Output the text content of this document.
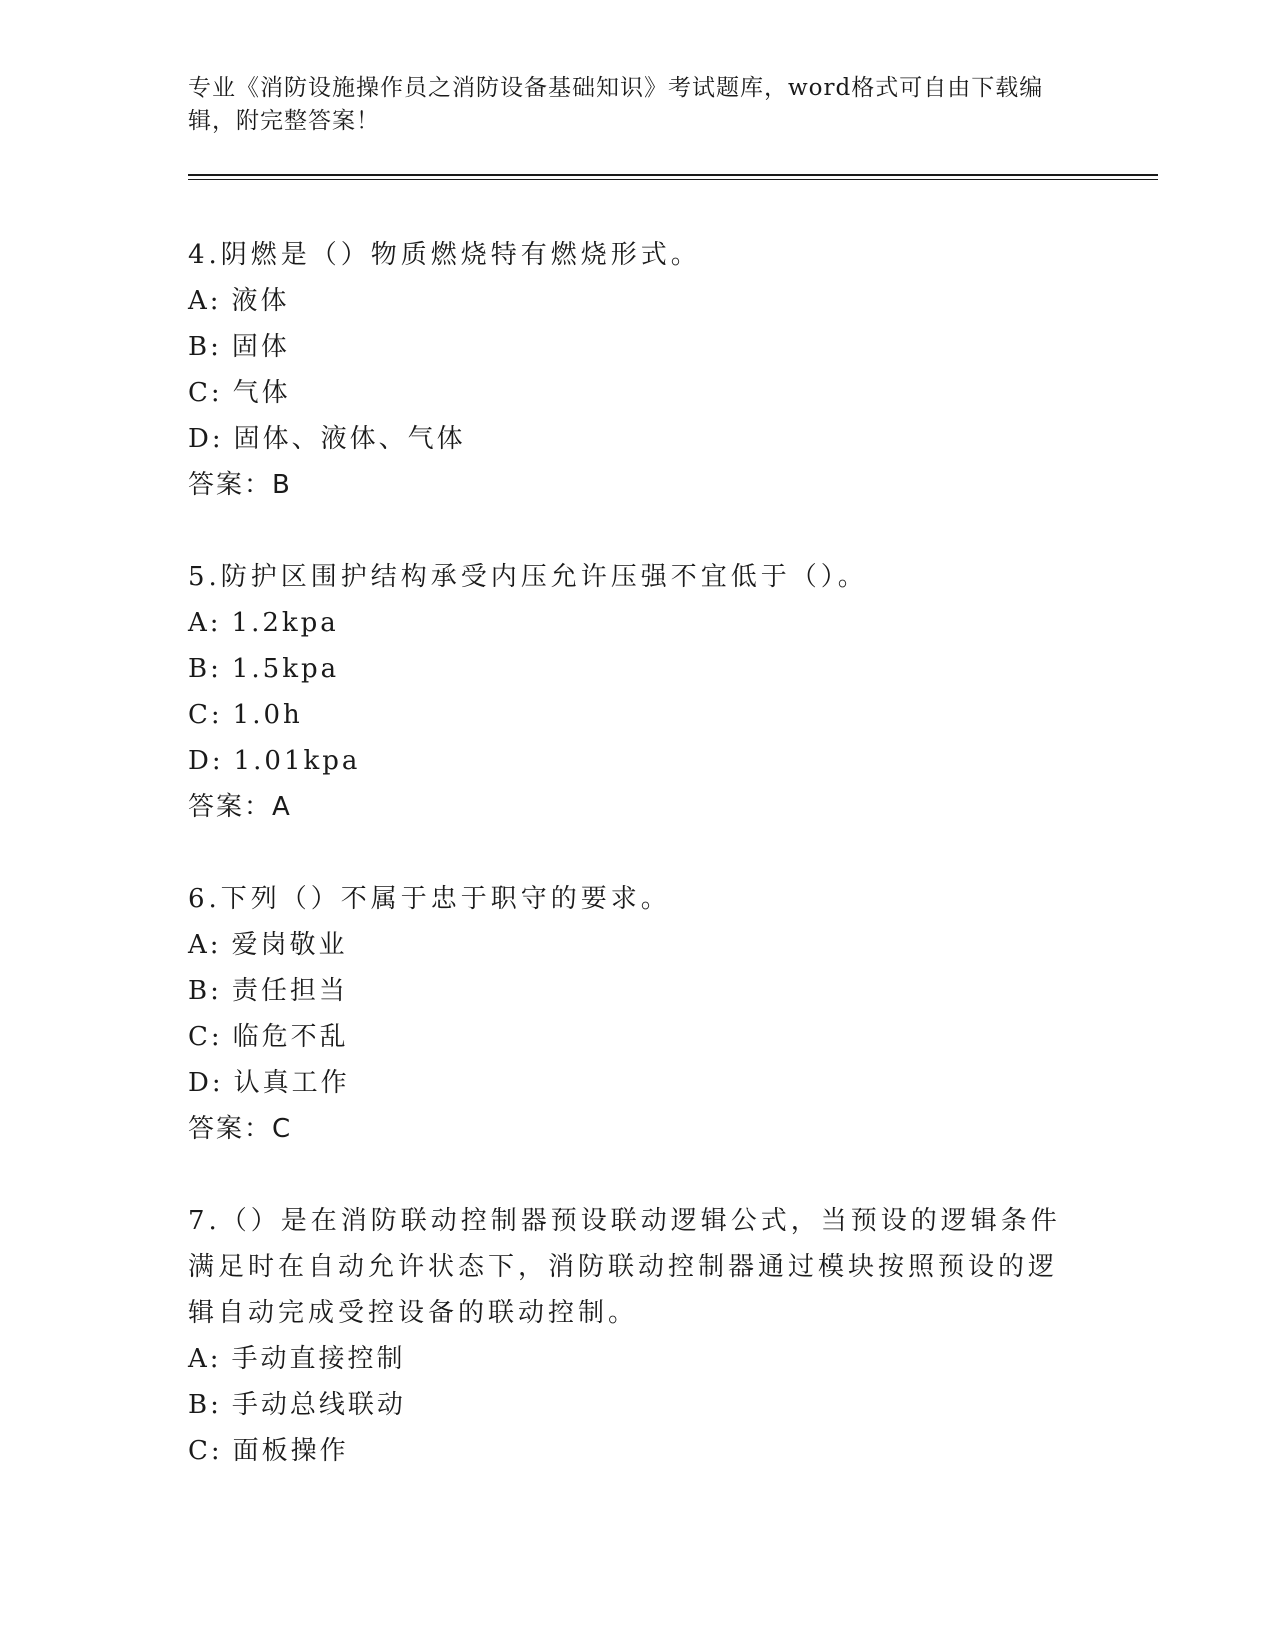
专业《消防设施操作员之消防设备基础知识》考试题库，word格式可自由下载编辑，附完整答案！

4.阴燃是（）物质燃烧特有燃烧形式。

A: 液体

B: 固体

C: 气体

D: 固体、液体、气体

答案：B

5.防护区围护结构承受内压允许压强不宜低于（）。

A: 1.2kpa

B: 1.5kpa

C: 1.0h

D: 1.01kpa

答案：A

6.下列（）不属于忠于职守的要求。

A: 爱岗敬业

B: 责任担当

C: 临危不乱

D: 认真工作

答案：C

7.（）是在消防联动控制器预设联动逻辑公式，当预设的逻辑条件满足时在自动允许状态下，消防联动控制器通过模块按照预设的逻辑自动完成受控设备的联动控制。

A: 手动直接控制

B: 手动总线联动

C: 面板操作
